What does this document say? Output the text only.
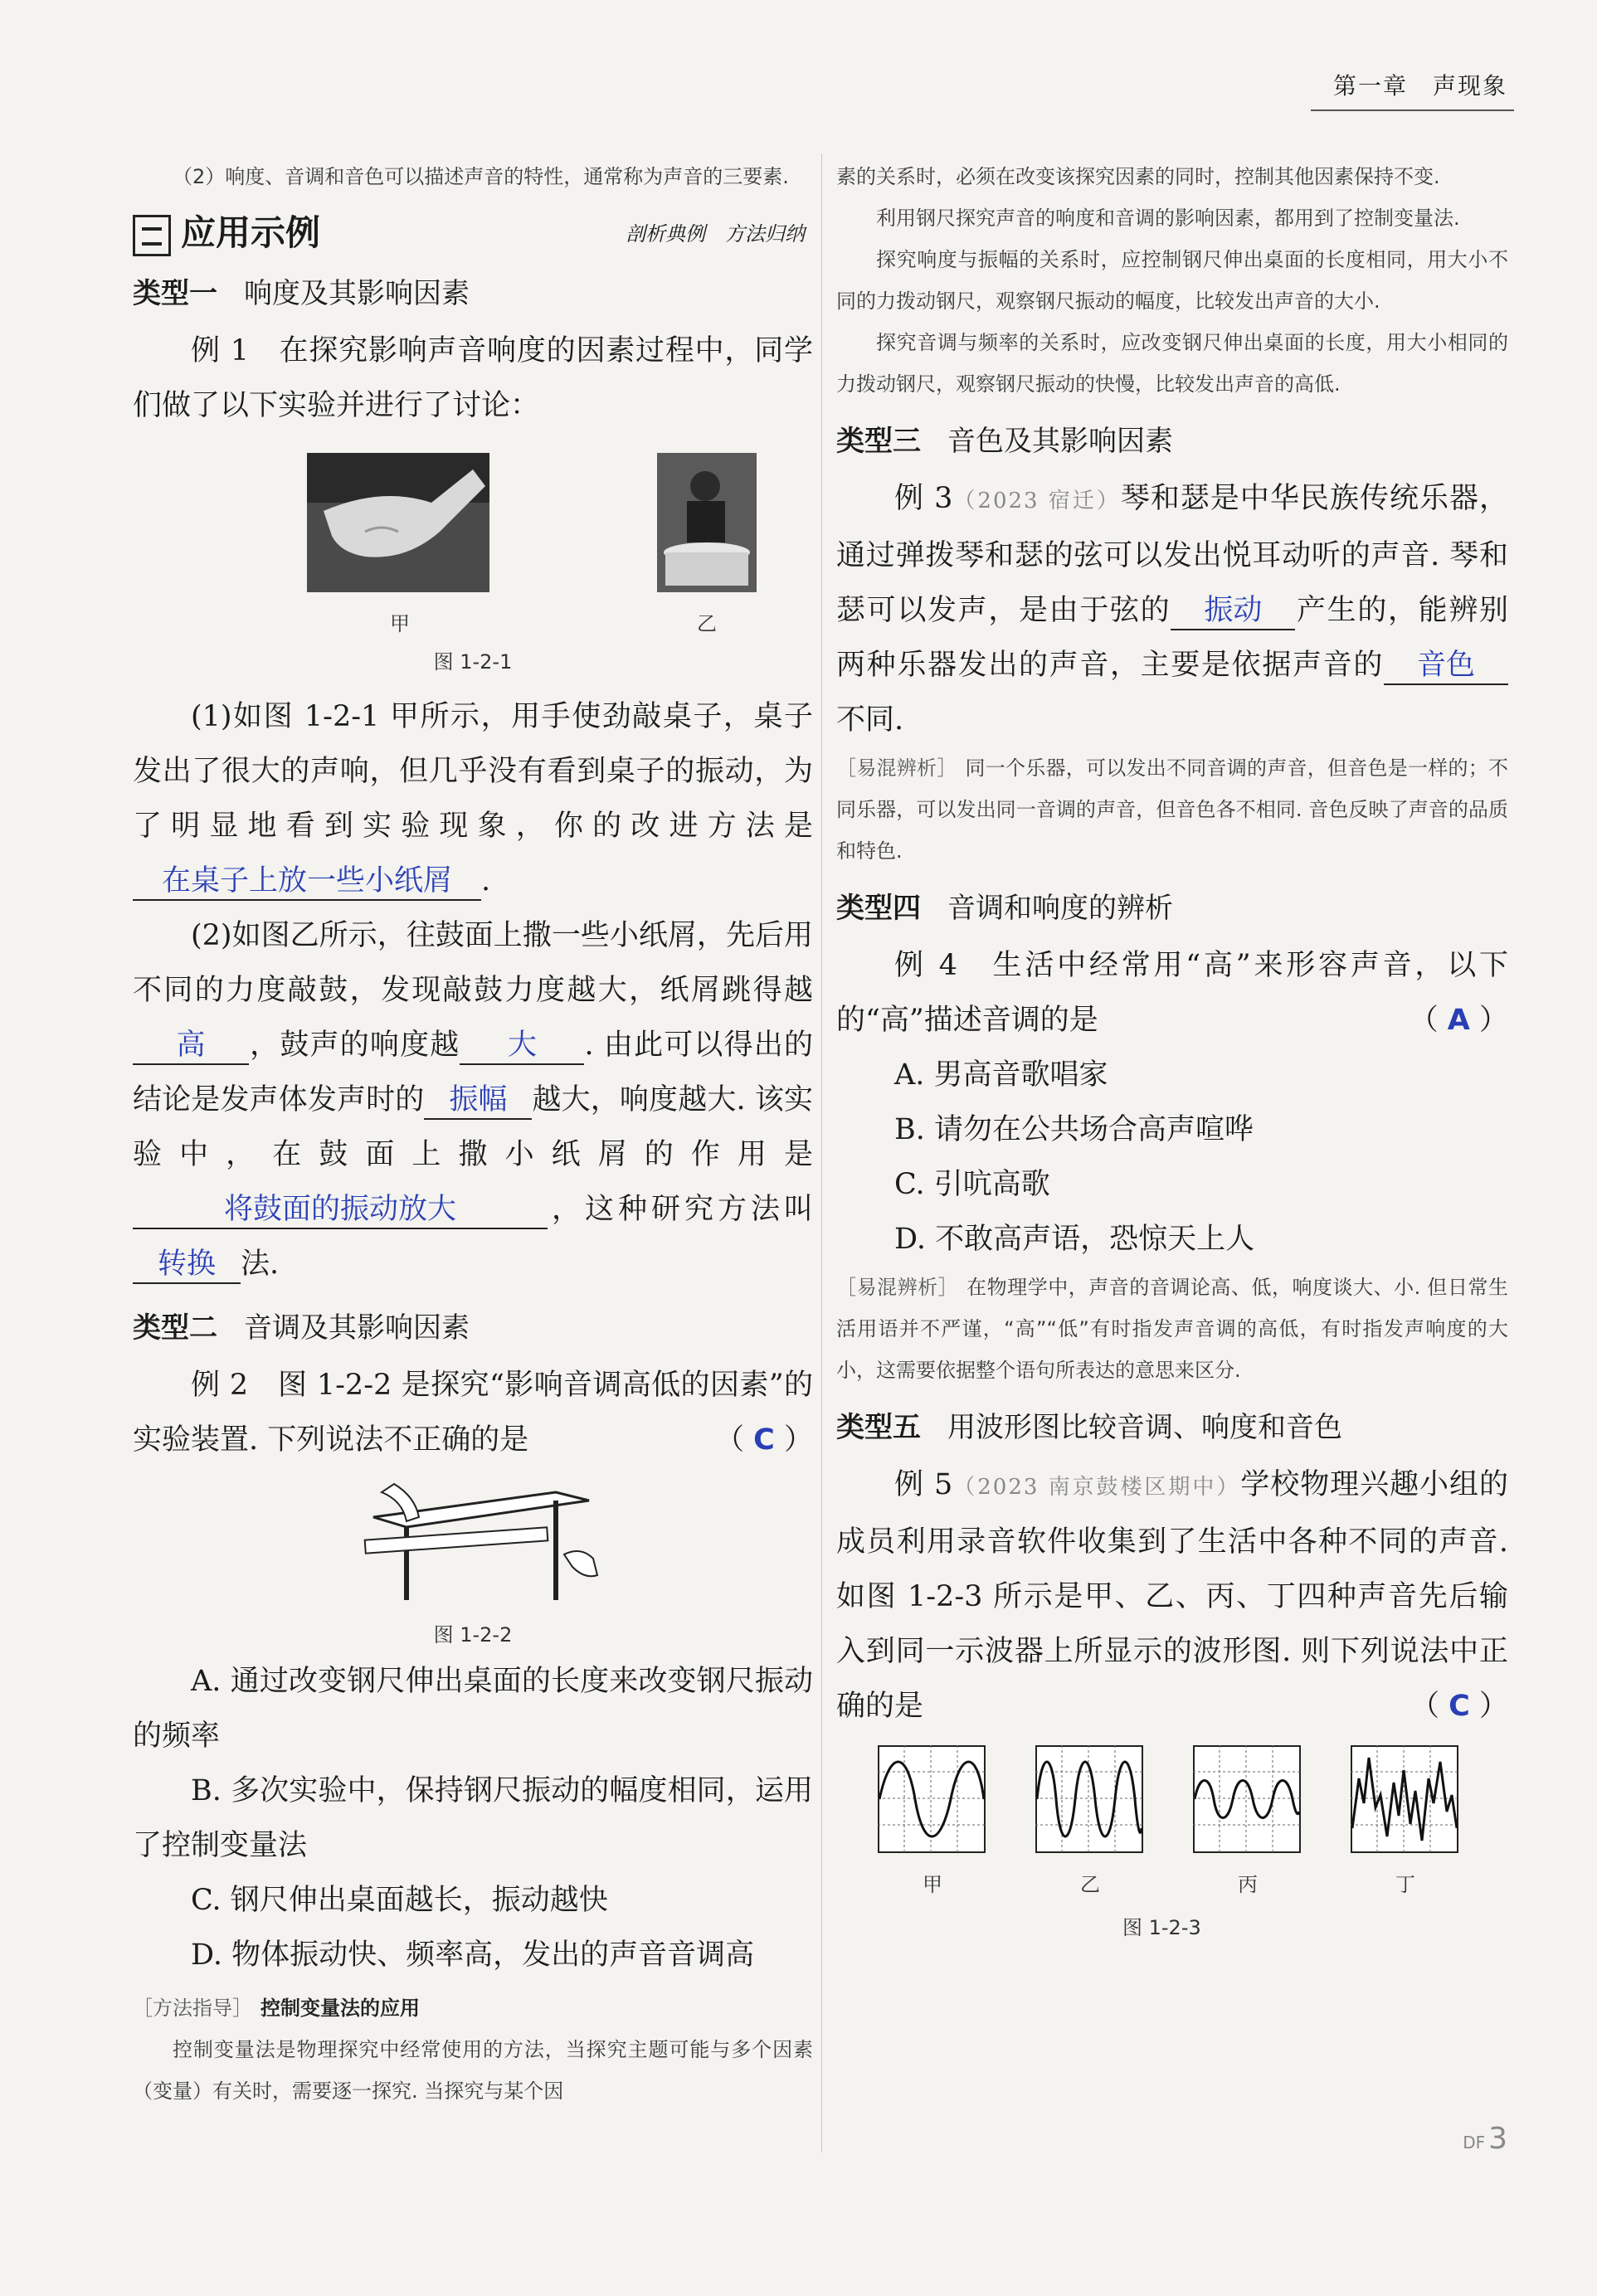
第一章　声现象

（2）响度、音调和音色可以描述声音的特性，通常称为声音的三要素.

应用示例	剖析典例　方法归纳
类型一 响度及其影响因素

例 1　在探究影响声音响度的因素过程中，同学们做了以下实验并进行了讨论：

甲	乙

图 1-2-1

(1)如图 1-2-1 甲所示，用手使劲敲桌子，桌子发出了很大的声响，但几乎没有看到桌子的振动，为了明显地看到实验现象，你的改进方法是在桌子上放一些小纸屑 .

(2)如图乙所示，往鼓面上撒一些小纸屑，先后用不同的力度敲鼓，发现敲鼓力度越大，纸屑跳得越高 ，鼓声的响度越 大 . 由此可以得出的结论是发声体发声时的 振幅 越大，响度越大. 该实验中，在鼓面上撒小纸屑的作用是将鼓面的振动放大	，这种研究方法叫转换 法.

类型二 音调及其影响因素

例 2　图 1-2-2 是探究“影响音调高低的因素”的实验装置. 下列说法不正确的是	（ C ）

图 1-2-2

A. 通过改变钢尺伸出桌面的长度来改变钢尺振动的频率

B. 多次实验中，保持钢尺振动的幅度相同，运用了控制变量法

C. 钢尺伸出桌面越长，振动越快

D. 物体振动快、频率高，发出的声音音调高

［方法指导］ 控制变量法的应用

控制变量法是物理探究中经常使用的方法，当探究主题可能与多个因素（变量）有关时，需要逐一探究. 当探究与某个因

素的关系时，必须在改变该探究因素的同时，控制其他因素保持不变.

利用钢尺探究声音的响度和音调的影响因素，都用到了控制变量法.

探究响度与振幅的关系时，应控制钢尺伸出桌面的长度相同，用大小不同的力拨动钢尺，观察钢尺振动的幅度，比较发出声音的大小.

探究音调与频率的关系时，应改变钢尺伸出桌面的长度，用大小相同的力拨动钢尺，观察钢尺振动的快慢，比较发出声音的高低.

类型三 音色及其影响因素

例 3（2023 宿迁）琴和瑟是中华民族传统乐器，通过弹拨琴和瑟的弦可以发出悦耳动听的声音. 琴和瑟可以发声，是由于弦的 振动 产生的，能辨别两种乐器发出的声音，主要是依据声音的 音色不同.

［易混辨析］ 同一个乐器，可以发出不同音调的声音，但音色是一样的；不同乐器，可以发出同一音调的声音，但音色各不相同. 音色反映了声音的品质和特色.

类型四 音调和响度的辨析

例 4　生活中经常用“高”来形容声音，以下的“高”描述音调的是	（ A ）

A. 男高音歌唱家

B. 请勿在公共场合高声喧哗

C. 引吭高歌

D. 不敢高声语，恐惊天上人

［易混辨析］ 在物理学中，声音的音调论高、低，响度谈大、小. 但日常生活用语并不严谨，“高”“低”有时指发声音调的高低，有时指发声响度的大小，这需要依据整个语句所表达的意思来区分.

类型五 用波形图比较音调、响度和音色

例 5（2023 南京鼓楼区期中）学校物理兴趣小组的成员利用录音软件收集到了生活中各种不同的声音. 如图 1-2-3 所示是甲、乙、丙、丁四种声音先后输入到同一示波器上所显示的波形图. 则下列说法中正确的是	（ C ）

甲	乙	丙	丁

图 1-2-3

DF 3
